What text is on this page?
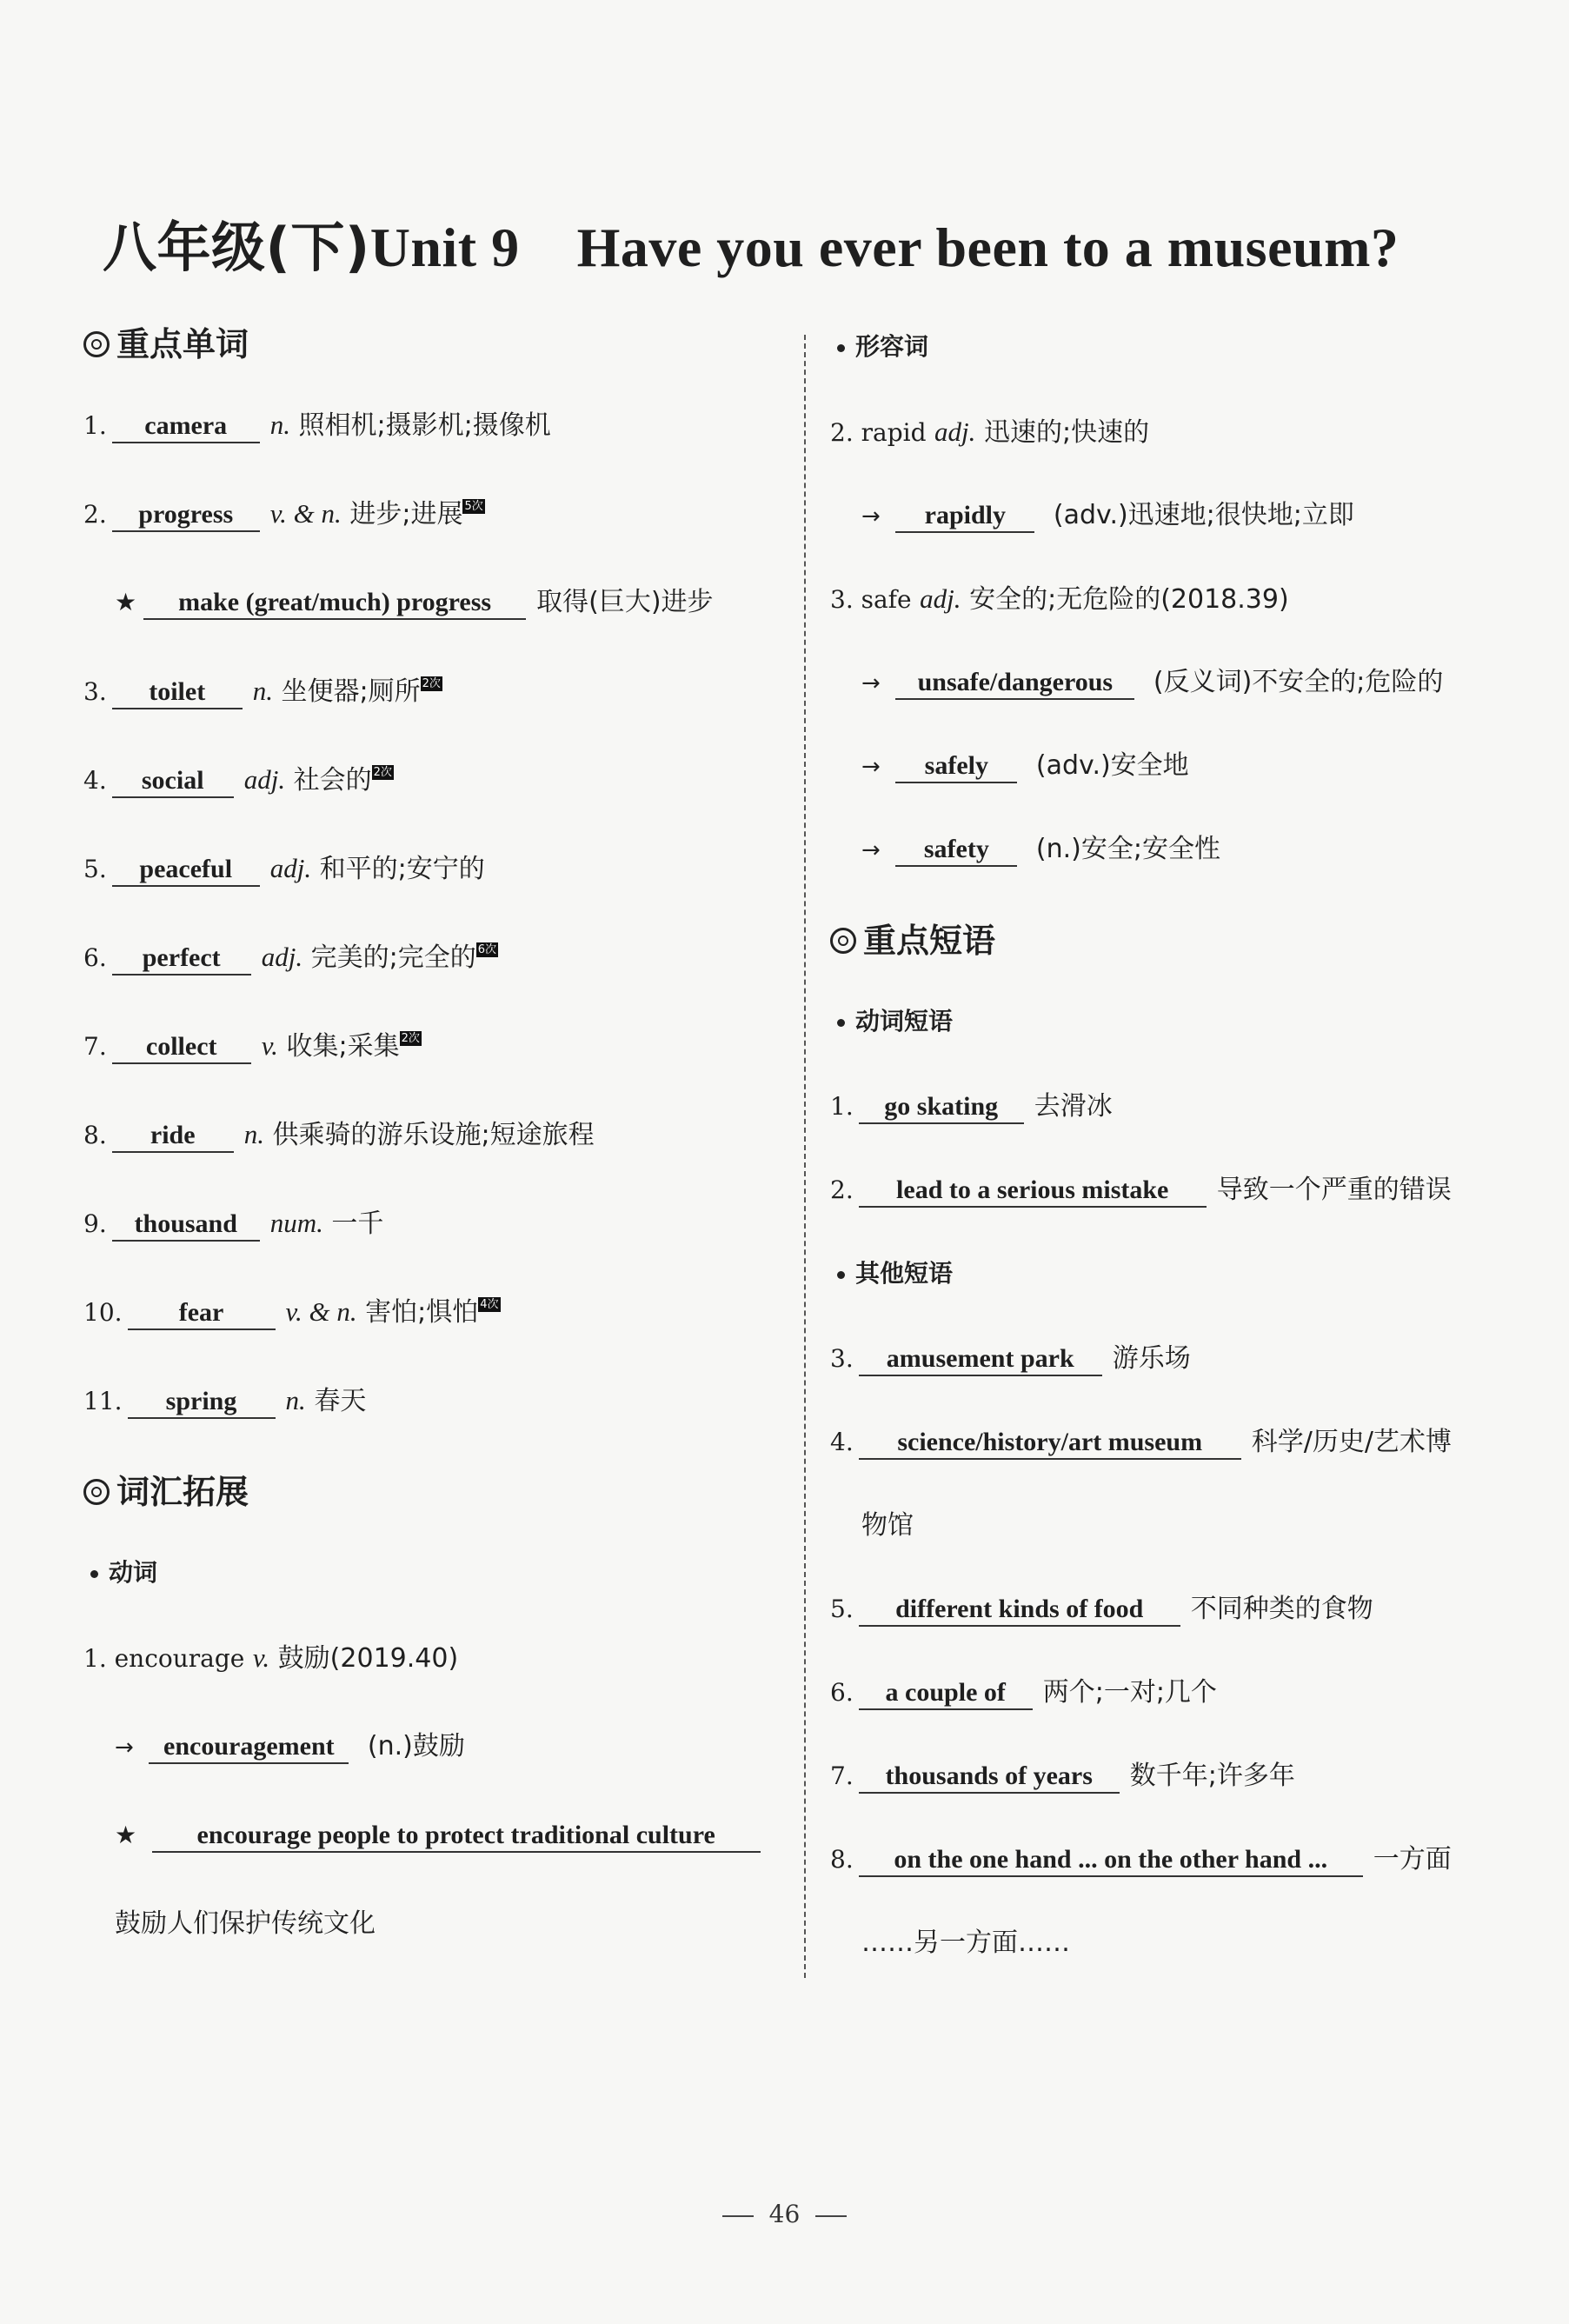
八年级(下)Unit 9    Have you ever been to a museum?
重点单词
1. camera n. 照相机;摄影机;摄像机
2. progress v. & n. 进步;进展 5次
★ make (great/much) progress 取得(巨大)进步
3. toilet n. 坐便器;厕所 2次
4. social adj. 社会的 2次
5. peaceful adj. 和平的;安宁的
6. perfect adj. 完美的;完全的 6次
7. collect v. 收集;采集 2次
8. ride n. 供乘骑的游乐设施;短途旅程
9. thousand num. 一千
10. fear v. & n. 害怕;惧怕 4次
11. spring n. 春天
词汇拓展
动词
1. encourage v. 鼓励(2019.40)
→ encouragement (n.)鼓励
★ encourage people to protect traditional culture
鼓励人们保护传统文化
形容词
2. rapid adj. 迅速的;快速的
→ rapidly (adv.)迅速地;很快地;立即
3. safe adj. 安全的;无危险的(2018.39)
→ unsafe/dangerous (反义词)不安全的;危险的
→ safely (adv.)安全地
→ safety (n.)安全;安全性
重点短语
动词短语
1. go skating 去滑冰
2. lead to a serious mistake 导致一个严重的错误
其他短语
3. amusement park 游乐场
4. science/history/art museum 科学/历史/艺术博
物馆
5. different kinds of food 不同种类的食物
6. a couple of 两个;一对;几个
7. thousands of years 数千年;许多年
8. on the one hand ... on the other hand ... 一方面
……另一方面……
46
